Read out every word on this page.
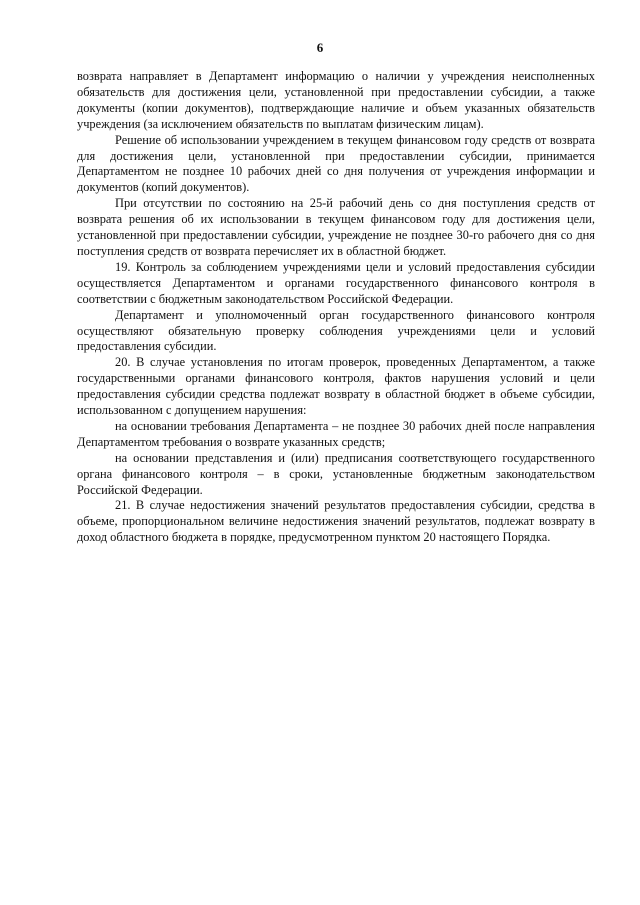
6

возврата направляет в Департамент информацию о наличии у учреждения неисполненных обязательств для достижения цели, установленной при предоставлении субсидии, а также документы (копии документов), подтверждающие наличие и объем указанных обязательств учреждения (за исключением обязательств по выплатам физическим лицам).

Решение об использовании учреждением в текущем финансовом году средств от возврата для достижения цели, установленной при предоставлении субсидии, принимается Департаментом не позднее 10 рабочих дней со дня получения от учреждения информации и документов (копий документов).

При отсутствии по состоянию на 25-й рабочий день со дня поступления средств от возврата решения об их использовании в текущем финансовом году для достижения цели, установленной при предоставлении субсидии, учреждение не позднее 30-го рабочего дня со дня поступления средств от возврата перечисляет их в областной бюджет.

19. Контроль за соблюдением учреждениями цели и условий предоставления субсидии осуществляется Департаментом и органами государственного финансового контроля в соответствии с бюджетным законодательством Российской Федерации.

Департамент и уполномоченный орган государственного финансового контроля осуществляют обязательную проверку соблюдения учреждениями цели и условий предоставления субсидии.

20. В случае установления по итогам проверок, проведенных Департаментом, а также государственными органами финансового контроля, фактов нарушения условий и цели предоставления субсидии средства подлежат возврату в областной бюджет в объеме субсидии, использованном с допущением нарушения:

на основании требования Департамента – не позднее 30 рабочих дней после направления Департаментом требования о возврате указанных средств;

на основании представления и (или) предписания соответствующего государственного органа финансового контроля – в сроки, установленные бюджетным законодательством Российской Федерации.

21. В случае недостижения значений результатов предоставления субсидии, средства в объеме, пропорциональном величине недостижения значений результатов, подлежат возврату в доход областного бюджета в порядке, предусмотренном пунктом 20 настоящего Порядка.
